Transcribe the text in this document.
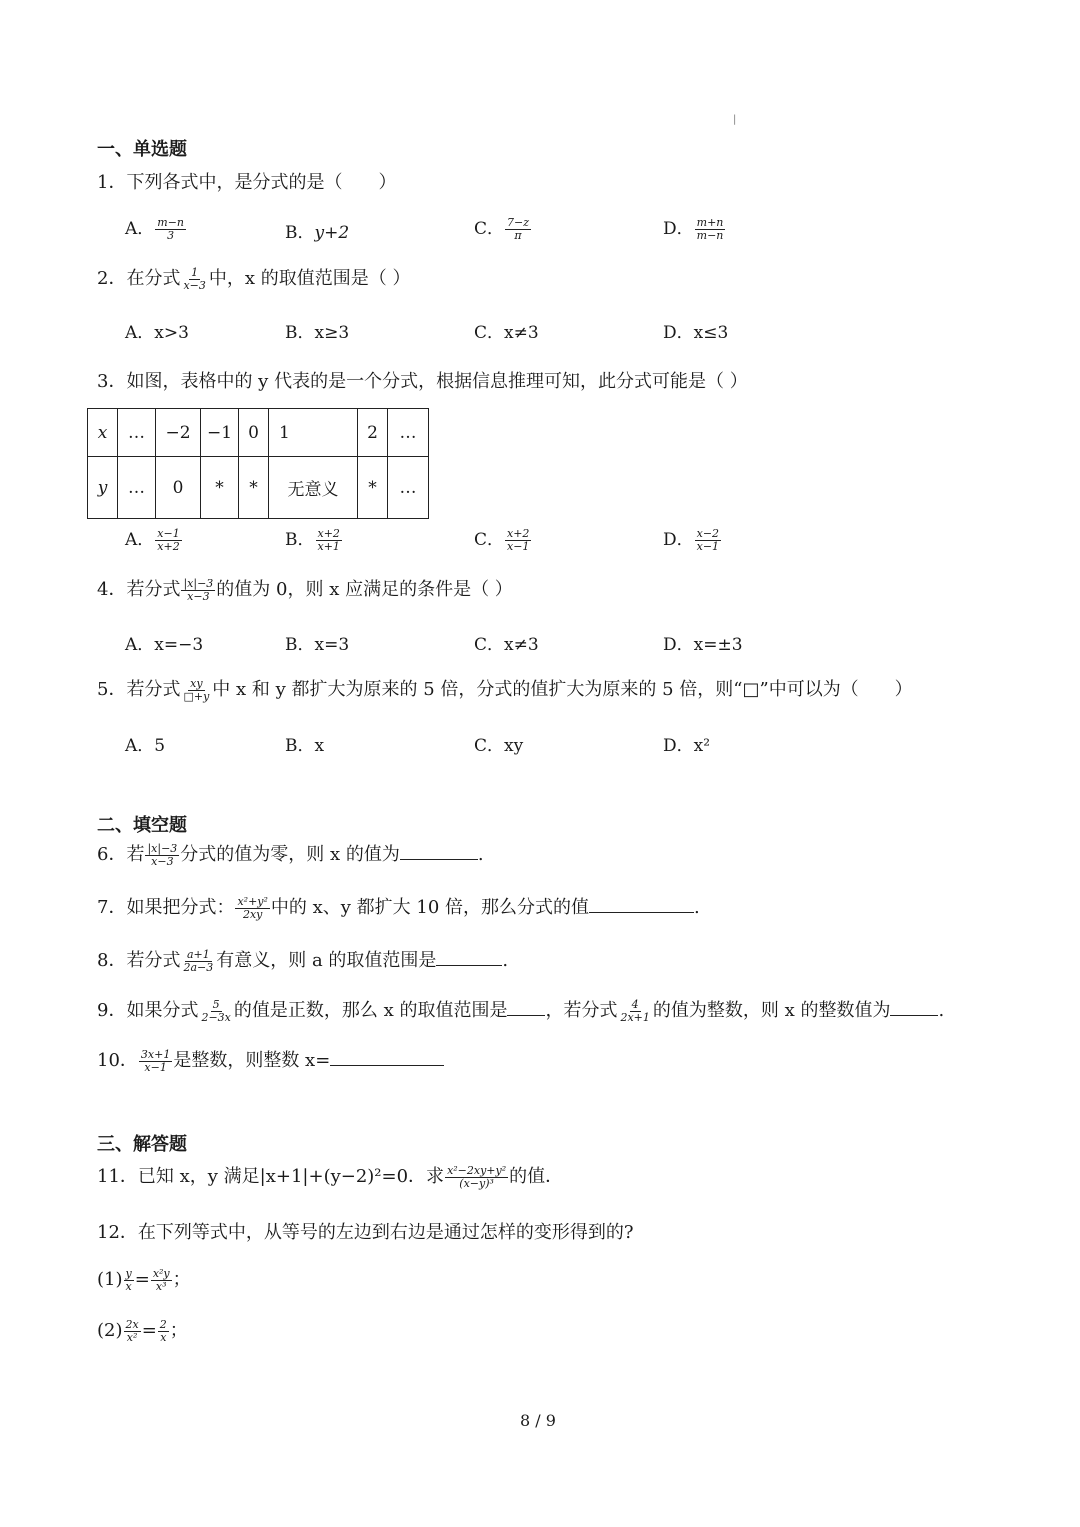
|
一、单选题
1．下列各式中，是分式的是（　　）
A． $\frac{m-n}{3}$	B．y+2	C． $\frac{7-z}{\pi}$	D． $\frac{m+n}{m-n}$
2．在分式 $\frac{1}{x-3}$ 中，x 的取值范围是（ ）
A．x>3	B．x≥3	C．x≠3	D．x≤3
3．如图，表格中的 y 代表的是一个分式，根据信息推理可知，此分式可能是（ ）
x	…	−2	−1	0	1	2	…
y	…	0	*	*	无意义	*	…
A． $\frac{x-1}{x+2}$	B． $\frac{x+2}{x+1}$	C． $\frac{x+2}{x-1}$	D． $\frac{x-2}{x-1}$
4．若分式 $\frac{|x|-3}{x-3}$ 的值为 0，则 x 应满足的条件是（ ）
A．x=−3	B．x=3	C．x≠3	D．x=±3
5．若分式 $\frac{xy}{□+y}$ 中 x 和 y 都扩大为原来的 5 倍，分式的值扩大为原来的 5 倍，则“□”中可以为（　　）
A．5	B．x	C．xy	D．x²
二、填空题
6．若 $\frac{|x|-3}{x-3}$ 分式的值为零，则 x 的值为	.
7．如果把分式： $\frac{\text{x²+y²}}{2xy}$ 中的 x、y 都扩大 10 倍，那么分式的值	.
8．若分式 $\frac{a+1}{2a-3}$ 有意义，则 a 的取值范围是	.
9．如果分式 $\frac{5}{2-3x}$ 的值是正数，那么 x 的取值范围是 ，若分式 $\frac{4}{2x+1}$ 的值为整数，则 x 的整数值为	.
10． $\frac{3x+1}{x-1}$ 是整数，则整数 x=
三、解答题
11．已知 x，y 满足|x+1|+(y−2)²=0．求 $\frac{\text{x²−2xy+y²}}{\text{(x−y)³}}$ 的值．
12．在下列等式中，从等号的左边到右边是通过怎样的变形得到的?
$(1) \frac{y}{x} = \frac{\text{x²y}}{\text{x³}}$ ；
$(2) \frac{2x}{\text{x²}} = \frac{2}{x}$ ；
8 / 9
